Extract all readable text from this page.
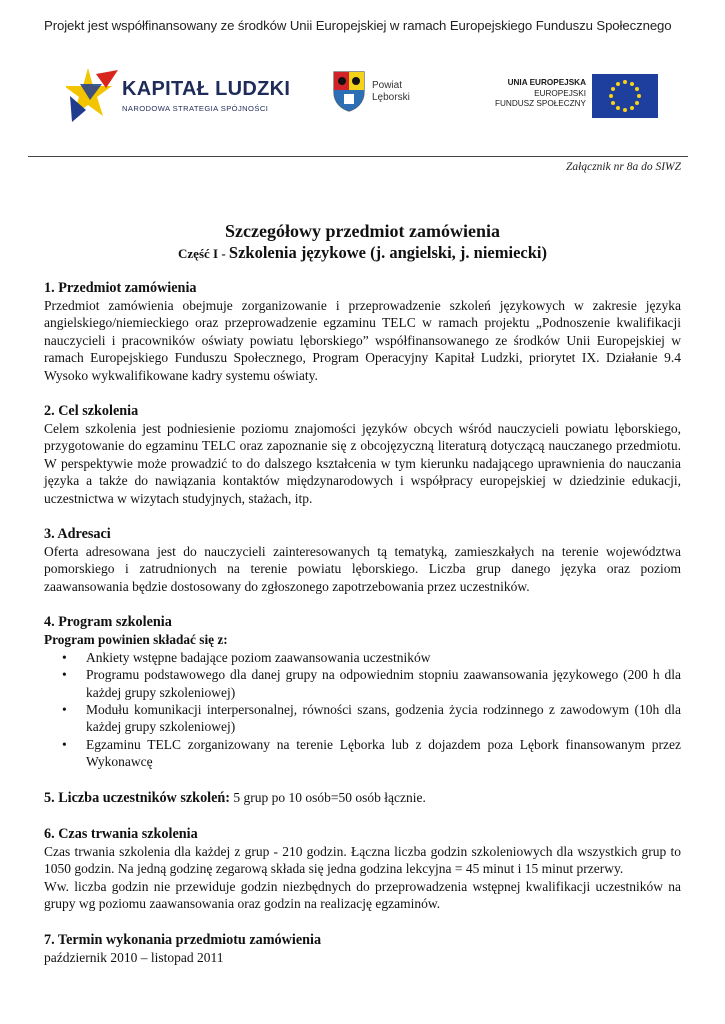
Projekt jest współfinansowany ze środków Unii Europejskiej w ramach Europejskiego Funduszu Społecznego
KAPITAŁ LUDZKI
NARODOWA STRATEGIA SPÓJNOŚCI
Powiat
Lęborski
UNIA EUROPEJSKA
EUROPEJSKI
FUNDUSZ SPOŁECZNY
Załącznik nr 8a do SIWZ

Szczegółowy przedmiot zamówienia

Część I - Szkolenia językowe (j. angielski, j. niemiecki)

1. Przedmiot zamówienia

Przedmiot zamówienia obejmuje zorganizowanie i przeprowadzenie szkoleń językowych w zakresie języka angielskiego/niemieckiego oraz przeprowadzenie egzaminu TELC w ramach projektu „Podnoszenie kwalifikacji nauczycieli i pracowników oświaty powiatu lęborskiego” współfinansowanego ze środków Unii Europejskiej w ramach Europejskiego Funduszu Społecznego, Program Operacyjny Kapitał Ludzki, priorytet IX. Działanie 9.4 Wysoko wykwalifikowane kadry systemu oświaty.

2. Cel szkolenia

Celem szkolenia jest podniesienie poziomu znajomości języków obcych wśród nauczycieli powiatu lęborskiego, przygotowanie do egzaminu TELC oraz zapoznanie się z obcojęzyczną literaturą dotyczącą nauczanego przedmiotu. W perspektywie może prowadzić to do dalszego kształcenia w tym kierunku nadającego uprawnienia do nauczania języka a także do nawiązania kontaktów międzynarodowych i współpracy europejskiej w dziedzinie edukacji, uczestnictwa w wizytach studyjnych, stażach, itp.

3. Adresaci

Oferta adresowana jest do nauczycieli zainteresowanych tą tematyką, zamieszkałych na terenie województwa pomorskiego i zatrudnionych na terenie powiatu lęborskiego. Liczba grup danego języka oraz poziom zaawansowania będzie dostosowany do zgłoszonego zapotrzebowania przez uczestników.

4. Program szkolenia

Program powinien składać się z:

• Ankiety wstępne badające poziom zaawansowania uczestników
• Programu podstawowego dla danej grupy na odpowiednim stopniu zaawansowania językowego (200 h dla każdej grupy szkoleniowej)
• Modułu komunikacji interpersonalnej, równości szans, godzenia życia rodzinnego z zawodowym (10h dla każdej grupy szkoleniowej)
• Egzaminu TELC zorganizowany na terenie Lęborka lub z dojazdem poza Lębork finansowanym przez Wykonawcę

5. Liczba uczestników szkoleń: 5 grup po 10 osób=50 osób łącznie.

6. Czas trwania szkolenia

Czas trwania szkolenia dla każdej z grup - 210 godzin. Łączna liczba godzin szkoleniowych dla wszystkich grup to 1050 godzin. Na jedną godzinę zegarową składa się jedna godzina lekcyjna = 45 minut i 15 minut przerwy.

Ww. liczba godzin nie przewiduje godzin niezbędnych do przeprowadzenia wstępnej kwalifikacji uczestników na grupy wg poziomu zaawansowania oraz godzin na realizację egzaminów.

7. Termin wykonania przedmiotu zamówienia

październik 2010 – listopad 2011
